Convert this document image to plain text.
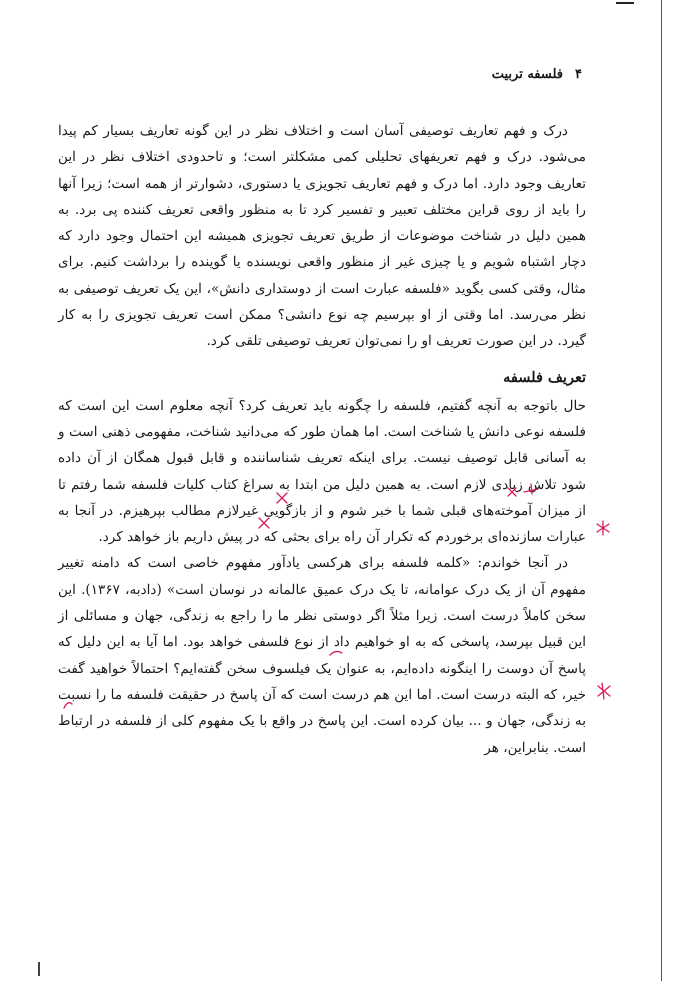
۴
فلسفه تربیت

درک و فهم تعاریف توصیفی آسان است و اختلاف نظر در این گونه تعاریف بسیار کم پیدا می‌شود. درک و فهم تعریفهای تحلیلی کمی مشکلتر است؛ و تاحدودی اختلاف نظر در این تعاریف وجود دارد. اما درک و فهم تعاریف تجویزی یا دستوری، دشوارتر از همه است؛ زیرا آنها را باید از روی قراین مختلف تعبیر و تفسیر کرد تا به منظور واقعی تعریف کننده پی برد. به همین دلیل در شناخت موضوعات از طریق تعریف تجویزی همیشه این احتمال وجود دارد که دچار اشتباه شویم و یا چیزی غیر از منظور واقعی نویسنده یا گوینده را برداشت کنیم. برای مثال، وقتی کسی بگوید «فلسفه عبارت است از دوستداری دانش»، این یک تعریف توصیفی به نظر می‌رسد. اما وقتی از او بپرسیم چه نوع دانشی؟ ممکن است تعریف تجویزی را به کار گیرد. در این صورت تعریف او را نمی‌توان تعریف توصیفی تلقی کرد.

تعریف فلسفه

حال باتوجه به آنچه گفتیم، فلسفه را چگونه باید تعریف کرد؟ آنچه معلوم است این است که فلسفه نوعی دانش یا شناخت است. اما همان طور که می‌دانید شناخت، مفهومی ذهنی است و به آسانی قابل توصیف نیست. برای اینکه تعریف شناساننده و قابل قبول همگان از آن داده شود تلاش زیادی لازم است. به همین دلیل من ابتدا به سراغ کتاب کلیات فلسفه شما رفتم تا از میزان آموخته‌های قبلی شما با خبر شوم و از بازگویی غیرلازم مطالب بپرهیزم. در آنجا به عبارات سازنده‌ای برخوردم که تکرار آن راه برای بحثی که در پیش داریم باز خواهد کرد.

در آنجا خواندم: «کلمه فلسفه برای هرکسی یادآور مفهوم خاصی است که دامنه تغییر مفهوم آن از یک درک عوامانه، تا یک درک عمیق عالمانه در نوسان است» (دادبه، ۱۳۶۷). این سخن کاملاً درست است. زیرا مثلاً اگر دوستی نظر ما را راجع به زندگی، جهان و مسائلی از این قبیل بپرسد، پاسخی که به او خواهیم داد از نوع فلسفی خواهد بود. اما آیا به این دلیل که پاسخ آن دوست را اینگونه داده‌ایم، به عنوان یک فیلسوف سخن گفته‌ایم؟ احتمالاً خواهید گفت خیر، که البته درست است. اما این هم درست است که آن پاسخ در حقیقت فلسفه ما را نسبت به زندگی، جهان و ... بیان کرده است. این پاسخ در واقع با یک مفهوم کلی از فلسفه در ارتباط است. بنابراین، هر
